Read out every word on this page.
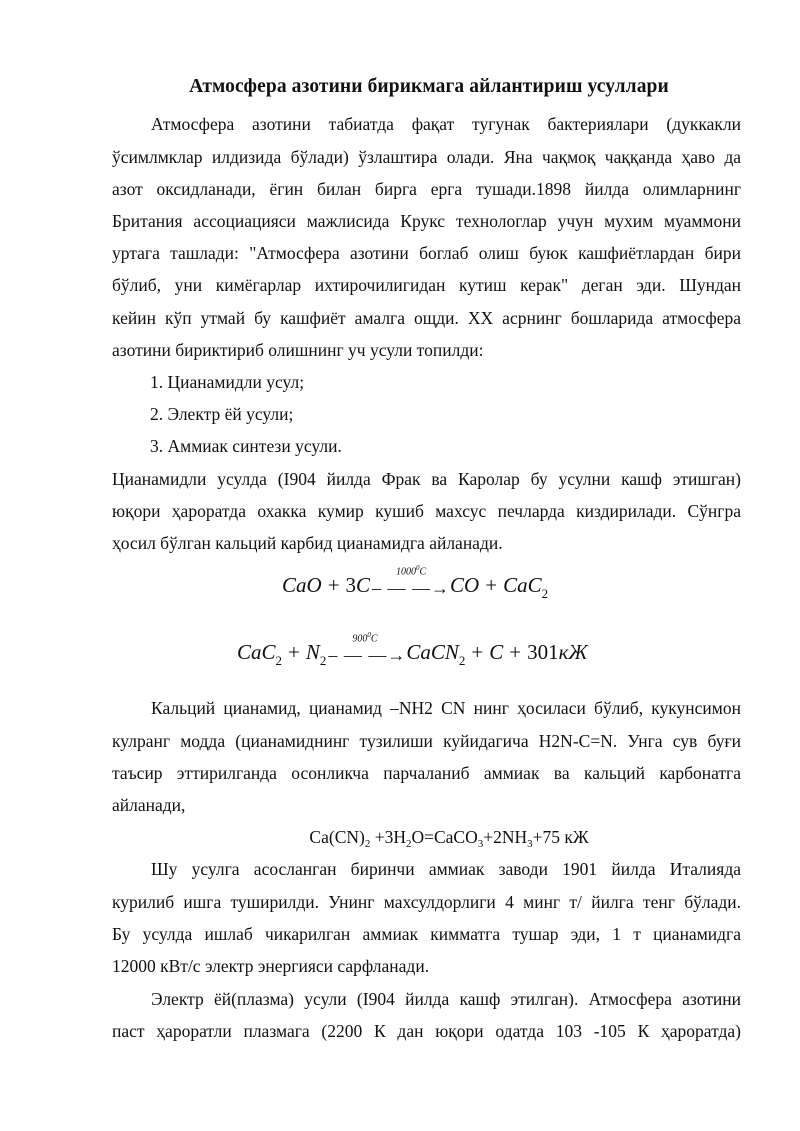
Атмосфера азотини бирикмага айлантириш усуллари
Атмосфера азотини табиатда фақат тугунак бактериялари (дуккакли
ўсимлмклар илдизида бўлади) ўзлаштира олади. Яна чақмоқ чаққанда ҳаво да
азот оксидланади, ёгин билан бирга ерга тушади.1898 йилда олимларнинг
Британия ассоциацияси мажлисида Крукс технологлар учун мухим муаммони
уртага ташлади: "Атмосфера азотини боглаб олиш буюк кашфиётлардан бири
бўлиб, уни кимёгарлар ихтирочилигидан кутиш керак" деган эди. Шундан
кейин кўп утмай бу кашфиёт амалга ощди. XX асрнинг бошларида атмосфера
азотини бириктириб олишнинг уч усули топилди:
1. Цианамидли усул;
2. Электр ёй усули;
3. Аммиак синтези усули.
Цианамидли усулда (I904 йилда Фрак ва Каролар бу усулни кашф этишган)
юқори ҳароратда охакка кумир кушиб махсус печларда киздирилади. Сўнгра
ҳосил бўлган кальций карбид цианамидга айланади.
CaO + 3C
1000$^0$C
– — —→ CO + CaC$_2$
$CaC_2 + N_2$
$900^0C$
– — —→ CaCN$_2$ + C + 301кЖ
Кальций цианамид, цианамид –NH2 CN нинг ҳосиласи бўлиб, кукунсимон
кулранг модда (цианамиднинг тузилиши куйидагича H2N-C=N. Унга сув буғи
таъсир эттирилганда осонликча парчаланиб аммиак ва кальций карбонатга
айланади,
$Ca(CN)_2$ $+3H_2O=CaCO_3+2NH_3+75$ кЖ
Шу усулга асосланган биринчи аммиак заводи 1901 йилда Италияда
курилиб ишга туширилди. Унинг махсулдорлиги 4 минг т/ йилга тенг бўлади.
Бу усулда ишлаб чикарилган аммиак кимматга тушар эди, 1 т цианамидга
12000 кВт/с электр энергияси сарфланади.
Электр ёй(плазма) усули (I904 йилда кашф этилган). Атмосфера азотини
паст ҳароратли плазмага (2200 К дан юқори одатда 103 -105 К ҳароратда)
